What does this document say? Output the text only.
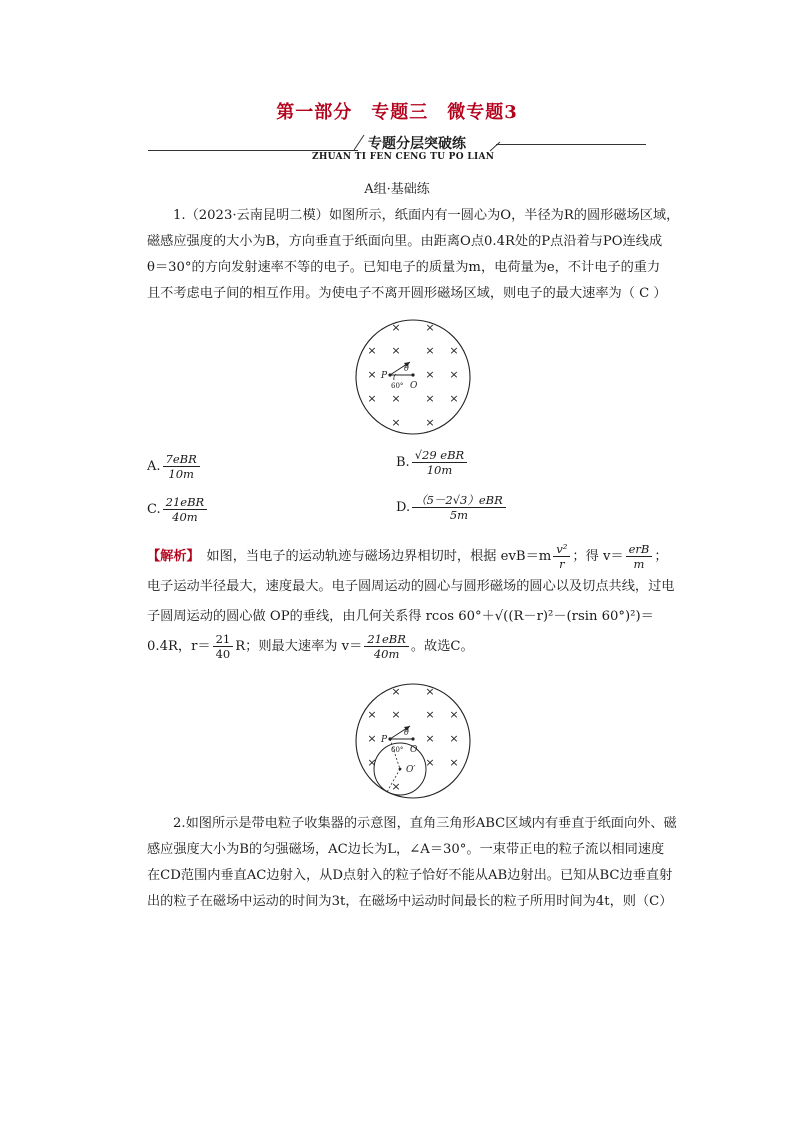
第一部分　专题三　微专题3
专题分层突破练
ZHUAN TI FEN CENG TU PO LIAN
A组·基础练

1.（2023·云南昆明二模）如图所示，纸面内有一圆心为O，半径为R的圆形磁场区域，

磁感应强度的大小为B，方向垂直于纸面向里。由距离O点0.4R处的P点沿着与PO连线成

θ＝30°的方向发射速率不等的电子。已知电子的质量为m，电荷量为e，不计电子的重力

且不考虑电子间的相互作用。为使电子不离开圆形磁场区域，则电子的最大速率为（ C ）

× ×
× × × ×
×	× ×
× × × ×
× ×
P
O
θ
60°
A. $\frac{\text{7eBR}}{10m}$	B. $\frac{\text{√29 eBR}}{10m}$
C. $\frac{\text{21eBR}}{40m}$	D. $\frac{\text{（5－2√3）eBR}}{5m}$

【解析】　如图，当电子的运动轨迹与磁场边界相切时，根据 $evB=m \frac{\text{v²}}{r}$ ；得 $v= \frac{\text{erB}}{m}$ ；

电子运动半径最大，速度最大。电子圆周运动的圆心与圆形磁场的圆心以及切点共线，过电

子圆周运动的圆心做 OP的垂线，由几何关系得 rcos 60°＋√((R－r)²－(rsin 60°)²)＝

0.4R，$r= \frac{21}{40}$ R；则最大速率为 $v= \frac{\text{21eBR}}{40m}$ 。故选C。

× ×
× × × ×
×	× ×
×	× ×
×
P
O
O′
θ
60°

2.如图所示是带电粒子收集器的示意图，直角三角形ABC区域内有垂直于纸面向外、磁

感应强度大小为B的匀强磁场，AC边长为L，∠A＝30°。一束带正电的粒子流以相同速度

在CD范围内垂直AC边射入，从D点射入的粒子恰好不能从AB边射出。已知从BC边垂直射

出的粒子在磁场中运动的时间为3t，在磁场中运动时间最长的粒子所用时间为4t，则（C）
